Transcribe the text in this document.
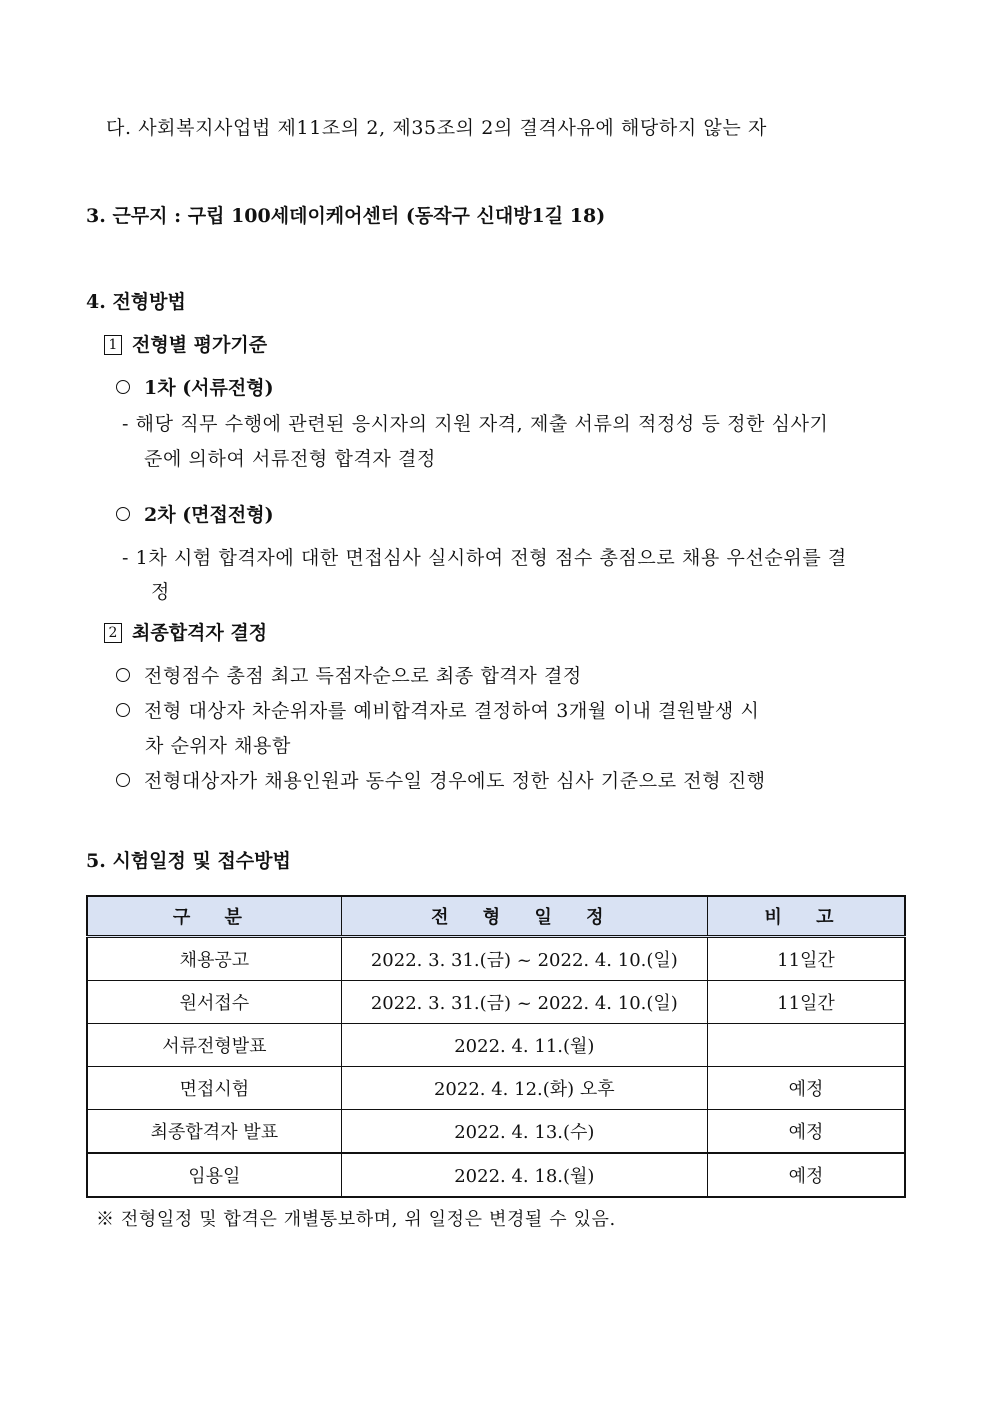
다. 사회복지사업법 제11조의 2, 제35조의 2의 결격사유에 해당하지 않는 자
3. 근무지 : 구립 100세데이케어센터 (동작구 신대방1길 18)
4. 전형방법
1 전형별 평가기준
1차 (서류전형)
- 해당 직무 수행에 관련된 응시자의 지원 자격, 제출 서류의 적정성 등 정한 심사기
준에 의하여 서류전형 합격자 결정
2차 (면접전형)
- 1차 시험 합격자에 대한 면접심사 실시하여 전형 점수 총점으로 채용 우선순위를 결
정
2 최종합격자 결정
전형점수 총점 최고 득점자순으로 최종 합격자 결정
전형 대상자 차순위자를 예비합격자로 결정하여 3개월 이내 결원발생 시
차 순위자 채용함
전형대상자가 채용인원과 동수일 경우에도 정한 심사 기준으로 전형 진행
5. 시험일정 및 접수방법
구 분	전 형 일 정	비 고
채용공고	2022. 3. 31.(금) ~ 2022. 4. 10.(일)	11일간
원서접수	2022. 3. 31.(금) ~ 2022. 4. 10.(일)	11일간
서류전형발표	2022. 4. 11.(월)	
면접시험	2022. 4. 12.(화) 오후	예정
최종합격자 발표	2022. 4. 13.(수)	예정
임용일	2022. 4. 18.(월)	예정
※ 전형일정 및 합격은 개별통보하며, 위 일정은 변경될 수 있음.
